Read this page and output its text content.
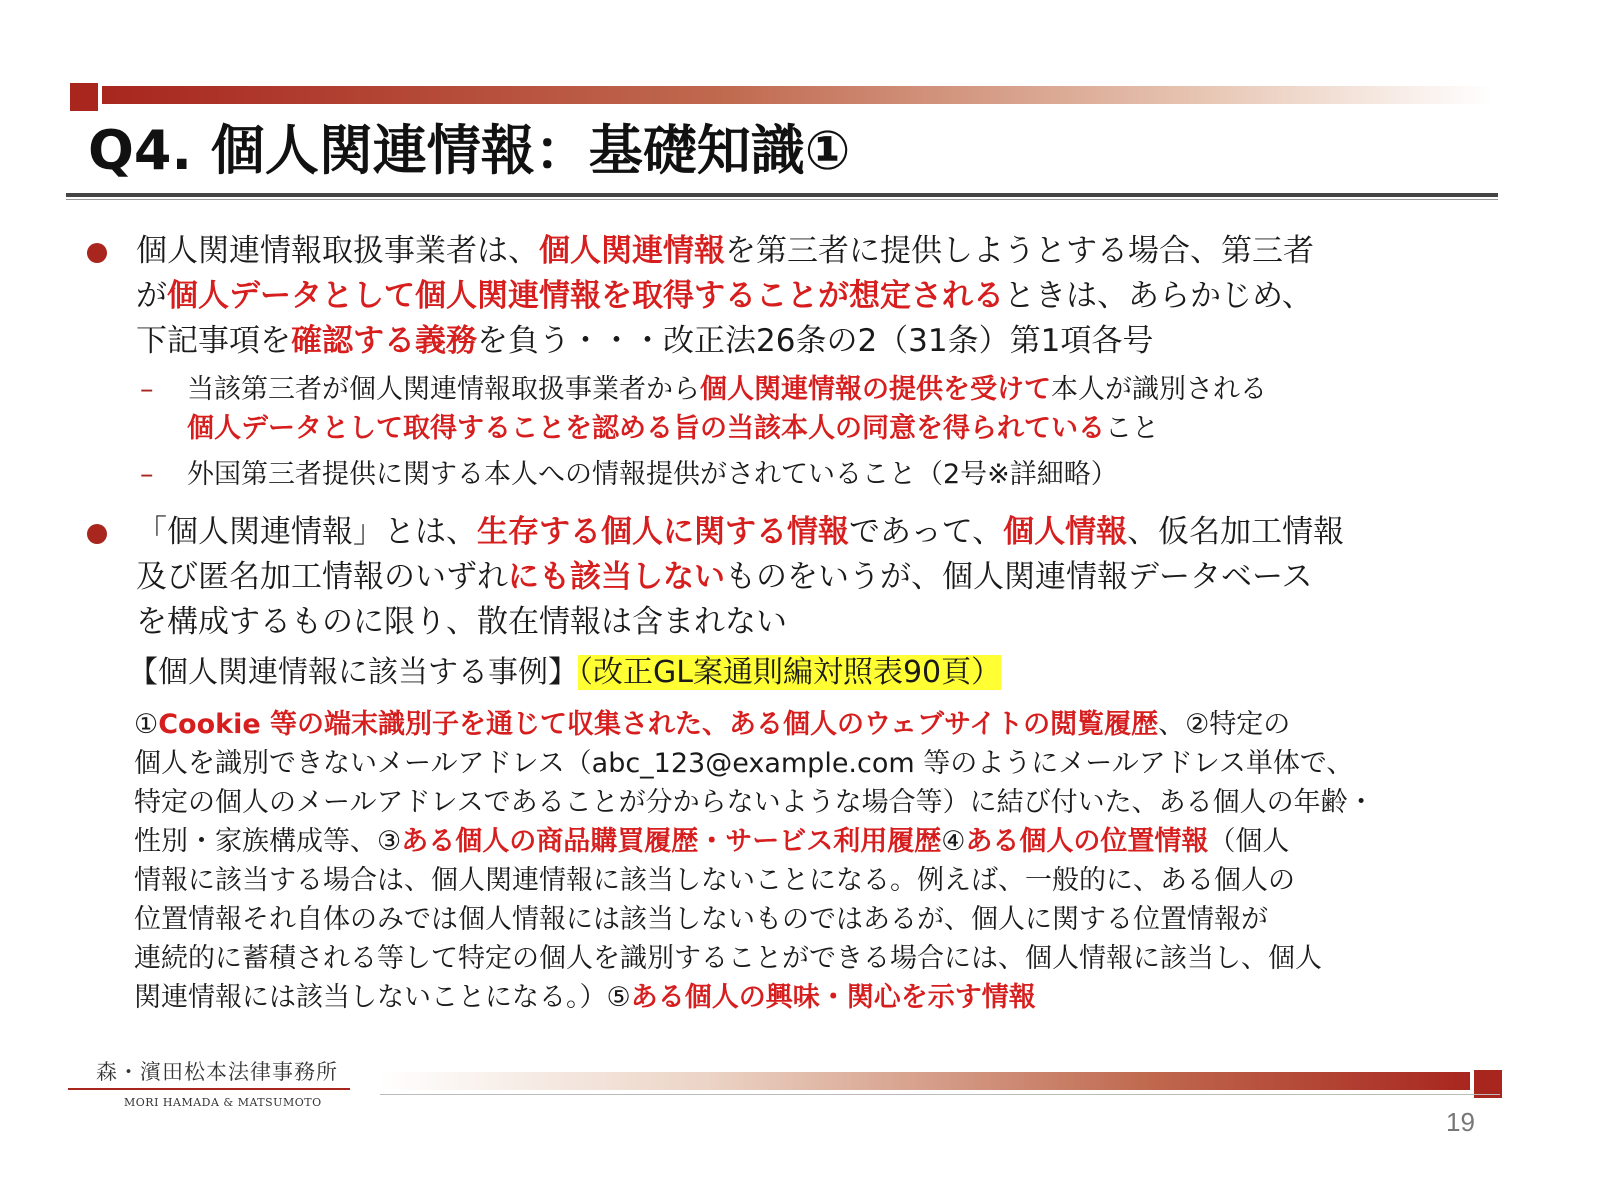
Q4. 個人関連情報：基礎知識①
個人関連情報取扱事業者は、個人関連情報を第三者に提供しようとする場合、第三者
が個人データとして個人関連情報を取得することが想定されるときは、あらかじめ、
下記事項を確認する義務を負う・・・改正法26条の2（31条）第1項各号
– 当該第三者が個人関連情報取扱事業者から個人関連情報の提供を受けて本人が識別される
個人データとして取得することを認める旨の当該本人の同意を得られていること
– 外国第三者提供に関する本人への情報提供がされていること（2号※詳細略）
「個人関連情報」とは、生存する個人に関する情報であって、個人情報、仮名加工情報
及び匿名加工情報のいずれにも該当しないものをいうが、個人関連情報データベース
を構成するものに限り、散在情報は含まれない
【個人関連情報に該当する事例】（改正GL案通則編対照表90頁）
①Cookie 等の端末識別子を通じて収集された、ある個人のウェブサイトの閲覧履歴、②特定の
個人を識別できないメールアドレス（abc_123@example.com 等のようにメールアドレス単体で、
特定の個人のメールアドレスであることが分からないような場合等）に結び付いた、ある個人の年齢・
性別・家族構成等、③ある個人の商品購買履歴・サービス利用履歴④ある個人の位置情報（個人
情報に該当する場合は、個人関連情報に該当しないことになる。例えば、一般的に、ある個人の
位置情報それ自体のみでは個人情報には該当しないものではあるが、個人に関する位置情報が
連続的に蓄積される等して特定の個人を識別することができる場合には、個人情報に該当し、個人
関連情報には該当しないことになる。）⑤ある個人の興味・関心を示す情報
森・濱田松本法律事務所
MORI HAMADA & MATSUMOTO
19
